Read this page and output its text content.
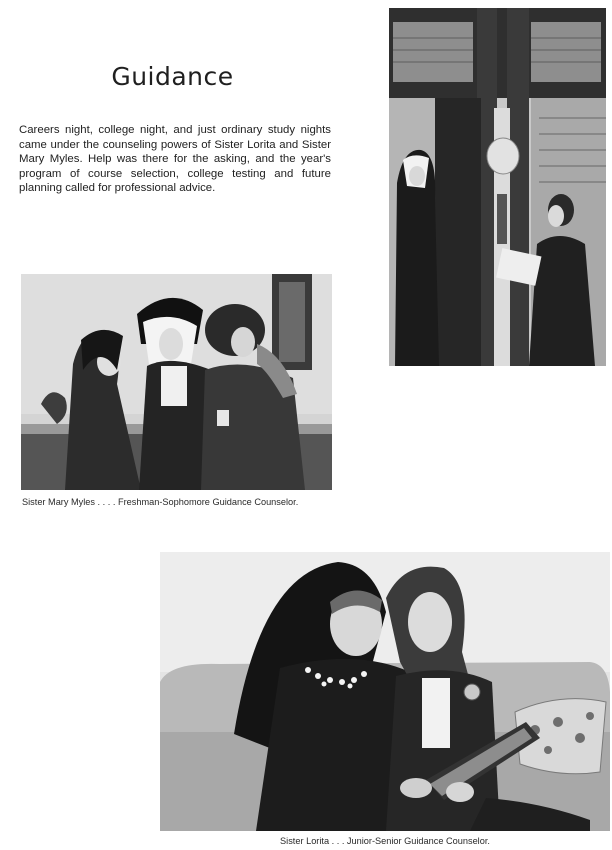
Guidance

Careers night, college night, and just ordinary study nights came under the counseling powers of Sister Lorita and Sister Mary Myles. Help was there for the asking, and the year's program of course selection, college testing and future planning called for professional advice.

Sister Mary Myles . . . . Freshman-Sophomore Guidance Counselor.
Sister Lorita . . . Junior-Senior Guidance Counselor.
